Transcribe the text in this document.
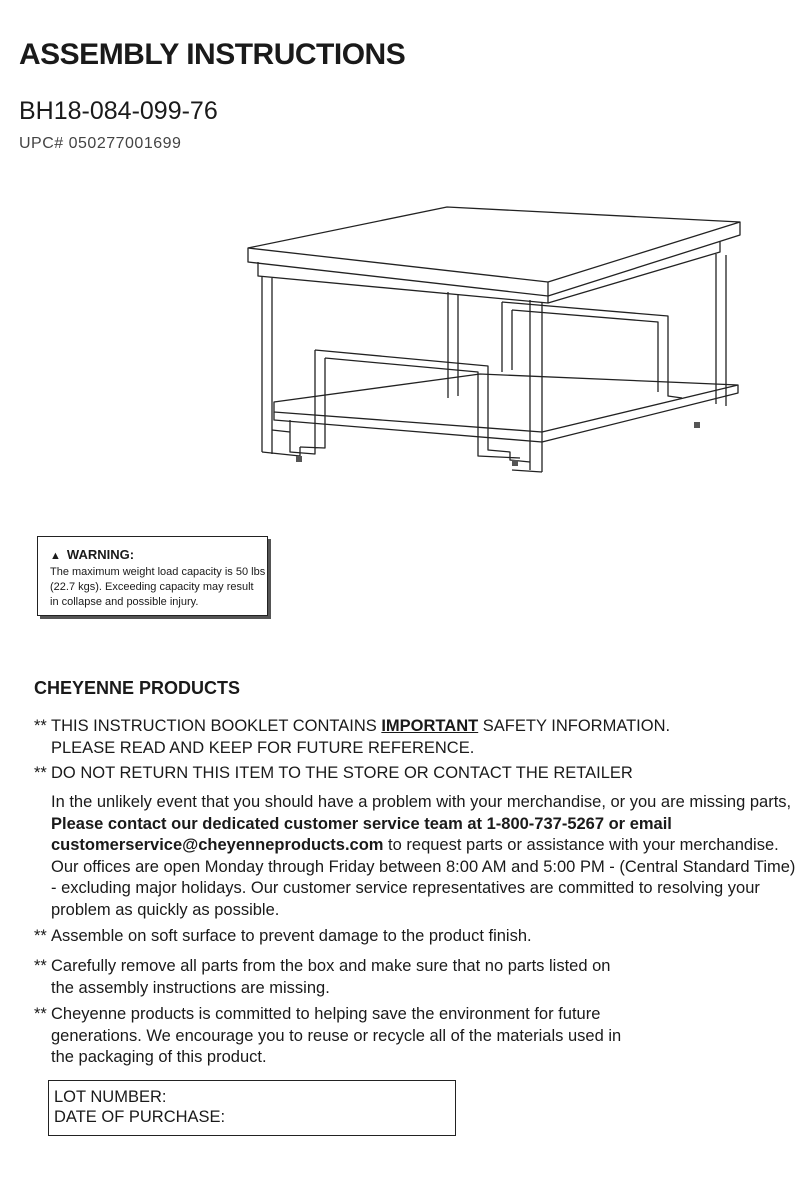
ASSEMBLY INSTRUCTIONS
BH18-084-099-76
UPC# 050277001699
▲ WARNING:
The maximum weight load capacity is 50 lbs
(22.7 kgs). Exceeding capacity may result
in collapse and possible injury.
CHEYENNE PRODUCTS
** THIS INSTRUCTION BOOKLET CONTAINS IMPORTANT SAFETY INFORMATION.
PLEASE READ AND KEEP FOR FUTURE REFERENCE.
** DO NOT RETURN THIS ITEM TO THE STORE OR CONTACT THE RETAILER
In the unlikely event that you should have a problem with your merchandise, or you are missing parts, Please contact our dedicated customer service team at 1-800-737-5267 or email customerservice@cheyenneproducts.com to request parts or assistance with your merchandise. Our offices are open Monday through Friday between 8:00 AM and 5:00 PM - (Central Standard Time) - excluding major holidays. Our customer service representatives are committed to resolving your problem as quickly as possible.
** Assemble on soft surface to prevent damage to the product finish.
** Carefully remove all parts from the box and make sure that no parts listed on
the assembly instructions are missing.
** Cheyenne products is committed to helping save the environment for future
generations. We encourage you to reuse or recycle all of the materials used in
the packaging of this product.
LOT NUMBER:
DATE OF PURCHASE:
